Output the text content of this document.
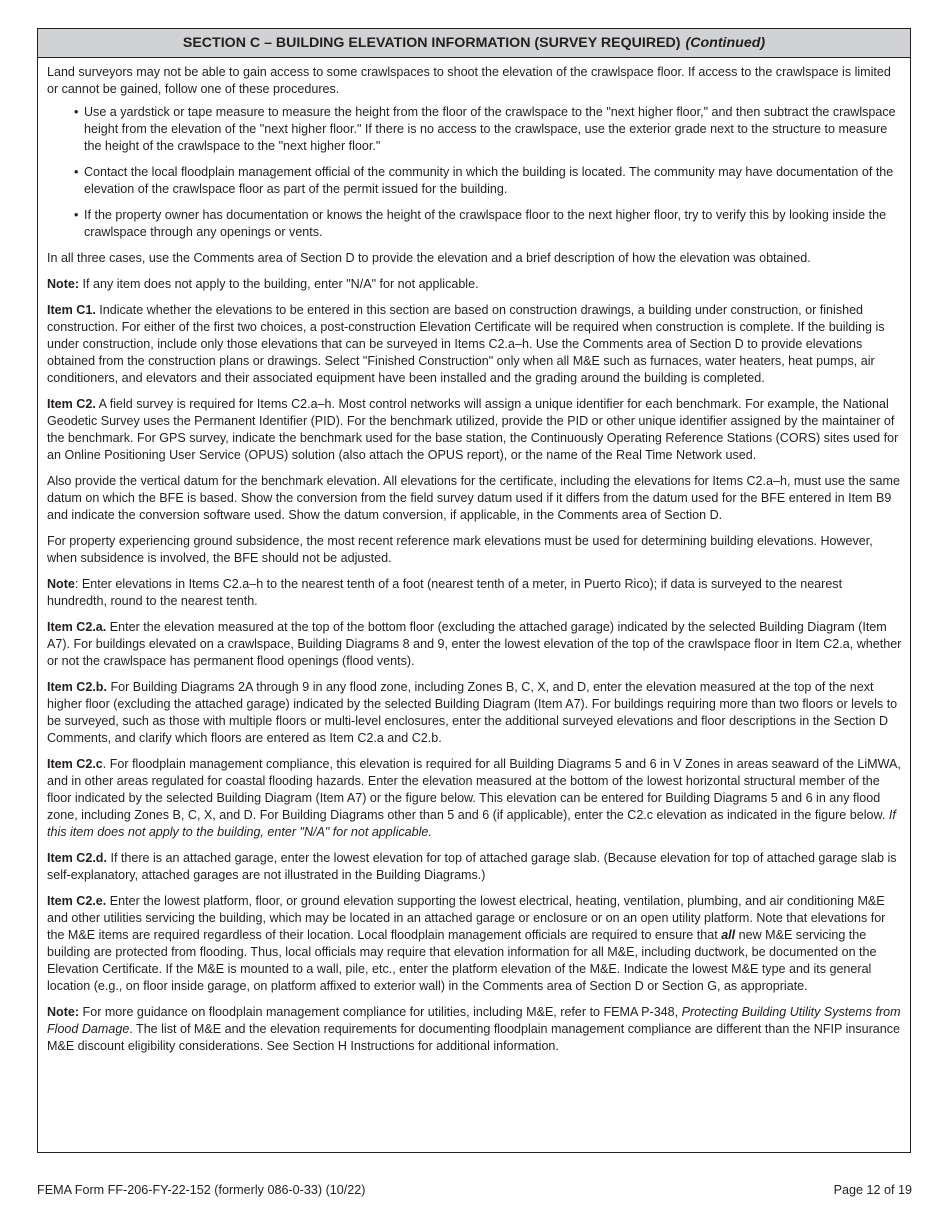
SECTION C – BUILDING ELEVATION INFORMATION (SURVEY REQUIRED) (Continued)

Land surveyors may not be able to gain access to some crawlspaces to shoot the elevation of the crawlspace floor. If access to the crawlspace is limited or cannot be gained, follow one of these procedures.

• Use a yardstick or tape measure to measure the height from the floor of the crawlspace to the "next higher floor," and then subtract the crawlspace height from the elevation of the "next higher floor." If there is no access to the crawlspace, use the exterior grade next to the structure to measure the height of the crawlspace to the "next higher floor."
• Contact the local floodplain management official of the community in which the building is located. The community may have documentation of the elevation of the crawlspace floor as part of the permit issued for the building.
• If the property owner has documentation or knows the height of the crawlspace floor to the next higher floor, try to verify this by looking inside the crawlspace through any openings or vents.

In all three cases, use the Comments area of Section D to provide the elevation and a brief description of how the elevation was obtained.

Note: If any item does not apply to the building, enter "N/A" for not applicable.

Item C1. Indicate whether the elevations to be entered in this section are based on construction drawings, a building under construction, or finished construction. For either of the first two choices, a post-construction Elevation Certificate will be required when construction is complete. If the building is under construction, include only those elevations that can be surveyed in Items C2.a–h. Use the Comments area of Section D to provide elevations obtained from the construction plans or drawings. Select "Finished Construction" only when all M&E such as furnaces, water heaters, heat pumps, air conditioners, and elevators and their associated equipment have been installed and the grading around the building is completed.

Item C2. A field survey is required for Items C2.a–h. Most control networks will assign a unique identifier for each benchmark. For example, the National Geodetic Survey uses the Permanent Identifier (PID). For the benchmark utilized, provide the PID or other unique identifier assigned by the maintainer of the benchmark. For GPS survey, indicate the benchmark used for the base station, the Continuously Operating Reference Stations (CORS) sites used for an Online Positioning User Service (OPUS) solution (also attach the OPUS report), or the name of the Real Time Network used.

Also provide the vertical datum for the benchmark elevation. All elevations for the certificate, including the elevations for Items C2.a–h, must use the same datum on which the BFE is based. Show the conversion from the field survey datum used if it differs from the datum used for the BFE entered in Item B9 and indicate the conversion software used. Show the datum conversion, if applicable, in the Comments area of Section D.

For property experiencing ground subsidence, the most recent reference mark elevations must be used for determining building elevations. However, when subsidence is involved, the BFE should not be adjusted.

Note: Enter elevations in Items C2.a–h to the nearest tenth of a foot (nearest tenth of a meter, in Puerto Rico); if data is surveyed to the nearest hundredth, round to the nearest tenth.

Item C2.a. Enter the elevation measured at the top of the bottom floor (excluding the attached garage) indicated by the selected Building Diagram (Item A7). For buildings elevated on a crawlspace, Building Diagrams 8 and 9, enter the lowest elevation of the top of the crawlspace floor in Item C2.a, whether or not the crawlspace has permanent flood openings (flood vents).

Item C2.b. For Building Diagrams 2A through 9 in any flood zone, including Zones B, C, X, and D, enter the elevation measured at the top of the next higher floor (excluding the attached garage) indicated by the selected Building Diagram (Item A7). For buildings requiring more than two floors or levels to be surveyed, such as those with multiple floors or multi-level enclosures, enter the additional surveyed elevations and floor descriptions in the Section D Comments, and clarify which floors are entered as Item C2.a and C2.b.

Item C2.c. For floodplain management compliance, this elevation is required for all Building Diagrams 5 and 6 in V Zones in areas seaward of the LiMWA, and in other areas regulated for coastal flooding hazards. Enter the elevation measured at the bottom of the lowest horizontal structural member of the floor indicated by the selected Building Diagram (Item A7) or the figure below. This elevation can be entered for Building Diagrams 5 and 6 in any flood zone, including Zones B, C, X, and D. For Building Diagrams other than 5 and 6 (if applicable), enter the C2.c elevation as indicated in the figure below. If this item does not apply to the building, enter "N/A" for not applicable.

Item C2.d. If there is an attached garage, enter the lowest elevation for top of attached garage slab. (Because elevation for top of attached garage slab is self-explanatory, attached garages are not illustrated in the Building Diagrams.)

Item C2.e. Enter the lowest platform, floor, or ground elevation supporting the lowest electrical, heating, ventilation, plumbing, and air conditioning M&E and other utilities servicing the building, which may be located in an attached garage or enclosure or on an open utility platform. Note that elevations for the M&E items are required regardless of their location. Local floodplain management officials are required to ensure that all new M&E servicing the building are protected from flooding. Thus, local officials may require that elevation information for all M&E, including ductwork, be documented on the Elevation Certificate. If the M&E is mounted to a wall, pile, etc., enter the platform elevation of the M&E. Indicate the lowest M&E type and its general location (e.g., on floor inside garage, on platform affixed to exterior wall) in the Comments area of Section D or Section G, as appropriate.

Note: For more guidance on floodplain management compliance for utilities, including M&E, refer to FEMA P-348, Protecting Building Utility Systems from Flood Damage. The list of M&E and the elevation requirements for documenting floodplain management compliance are different than the NFIP insurance M&E discount eligibility considerations. See Section H Instructions for additional information.

FEMA Form FF-206-FY-22-152 (formerly 086-0-33) (10/22)	Page 12 of 19
